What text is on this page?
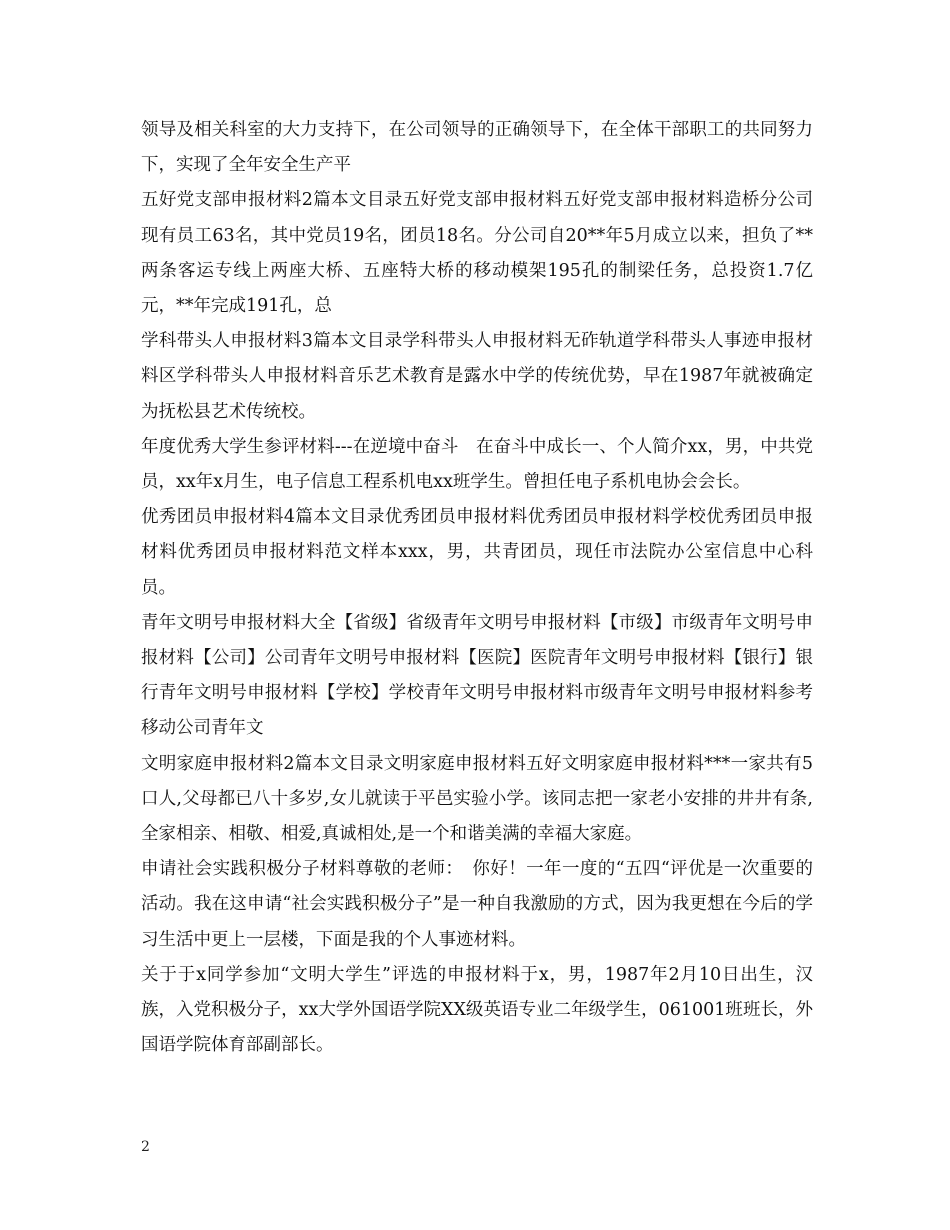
领导及相关科室的大力支持下，在公司领导的正确领导下，在全体干部职工的共同努力下，实现了全年安全生产平

五好党支部申报材料2篇本文目录五好党支部申报材料五好党支部申报材料造桥分公司现有员工63名，其中党员19名，团员18名。分公司自20**年5月成立以来，担负了**两条客运专线上两座大桥、五座特大桥的移动模架195孔的制梁任务，总投资1.7亿元，**年完成191孔，总

学科带头人申报材料3篇本文目录学科带头人申报材料无砟轨道学科带头人事迹申报材料区学科带头人申报材料音乐艺术教育是露水中学的传统优势，早在1987年就被确定为抚松县艺术传统校。

年度优秀大学生参评材料---在逆境中奋斗　在奋斗中成长一、个人简介xx，男，中共党员，xx年x月生，电子信息工程系机电xx班学生。曾担任电子系机电协会会长。

优秀团员申报材料4篇本文目录优秀团员申报材料优秀团员申报材料学校优秀团员申报材料优秀团员申报材料范文样本xxx，男，共青团员，现任市法院办公室信息中心科员。

青年文明号申报材料大全【省级】省级青年文明号申报材料【市级】市级青年文明号申报材料【公司】公司青年文明号申报材料【医院】医院青年文明号申报材料【银行】银行青年文明号申报材料【学校】学校青年文明号申报材料市级青年文明号申报材料参考移动公司青年文

文明家庭申报材料2篇本文目录文明家庭申报材料五好文明家庭申报材料***一家共有5口人,父母都已八十多岁,女儿就读于平邑实验小学。该同志把一家老小安排的井井有条,全家相亲、相敬、相爱,真诚相处,是一个和谐美满的幸福大家庭。

申请社会实践积极分子材料尊敬的老师：　你好！一年一度的“五四“评优是一次重要的活动。我在这申请“社会实践积极分子”是一种自我激励的方式，因为我更想在今后的学习生活中更上一层楼，下面是我的个人事迹材料。

关于于x同学参加“文明大学生”评选的申报材料于x，男，1987年2月10日出生，汉族，入党积极分子，xx大学外国语学院XX级英语专业二年级学生，061001班班长，外国语学院体育部副部长。

2
